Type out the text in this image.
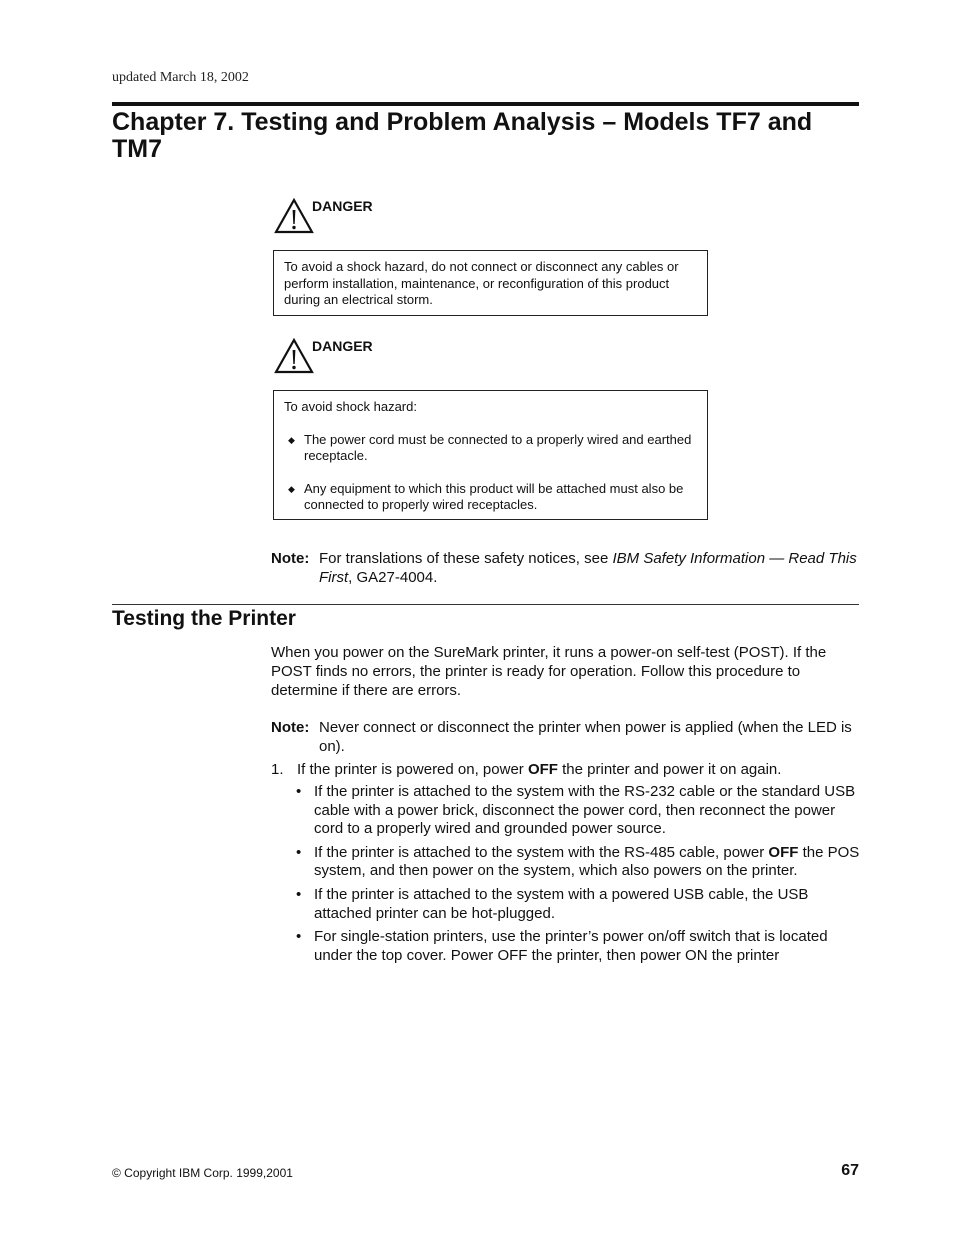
updated March 18, 2002
Chapter 7. Testing and Problem Analysis – Models TF7 and TM7
DANGER

To avoid a shock hazard, do not connect or disconnect any cables or perform installation, maintenance, or reconfiguration of this product during an electrical storm.

DANGER

To avoid shock hazard:

◆ The power cord must be connected to a properly wired and earthed receptacle.
◆ Any equipment to which this product will be attached must also be connected to properly wired receptacles.
Note: For translations of these safety notices, see IBM Safety Information — Read This First, GA27-4004.
Testing the Printer

When you power on the SureMark printer, it runs a power-on self-test (POST). If the POST finds no errors, the printer is ready for operation. Follow this procedure to determine if there are errors.

Note: Never connect or disconnect the printer when power is applied (when the LED is on).
1. If the printer is powered on, power OFF the printer and power it on again.
• If the printer is attached to the system with the RS-232 cable or the standard USB cable with a power brick, disconnect the power cord, then reconnect the power cord to a properly wired and grounded power source.
• If the printer is attached to the system with the RS-485 cable, power OFF the POS system, and then power on the system, which also powers on the printer.
• If the printer is attached to the system with a powered USB cable, the USB attached printer can be hot-plugged.
• For single-station printers, use the printer’s power on/off switch that is located under the top cover. Power OFF the printer, then power ON the printer
© Copyright IBM Corp. 1999,2001	67
